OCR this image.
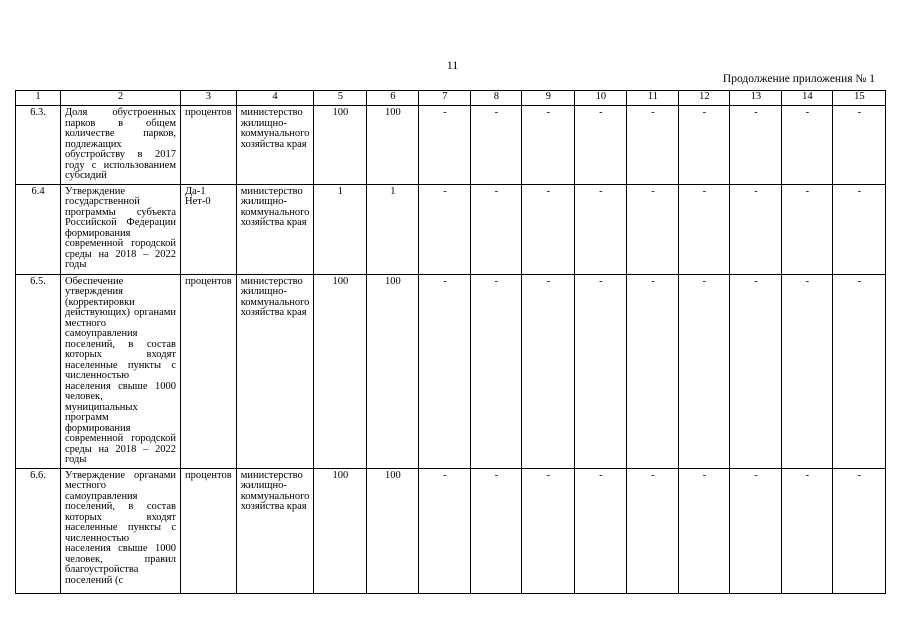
11
Продолжение приложения № 1
1	2	3	4	5	6	7	8	9	10	11	12	13	14	15
6.3.	Доля обустроенных парков в общем количестве парков, подлежащих обустройству в 2017 году с использованием субсидий	процентов	министерство жилищно-коммунального хозяйства края	100	100	-	-	-	-	-	-	-	-	-
6.4	Утверждение государственной программы субъекта Российской Федерации формирования современной городской среды на 2018 – 2022 годы	Да-1 Нет-0	министерство жилищно-коммунального хозяйства края	1	1	-	-	-	-	-	-	-	-	-
6.5.	Обеспечение утверждения (корректировки действующих) органами местного самоуправления поселений, в состав которых входят населенные пункты с численностью населения свыше 1000 человек, муниципальных программ формирования современной городской среды на 2018 – 2022 годы	процентов	министерство жилищно-коммунального хозяйства края	100	100	-	-	-	-	-	-	-	-	-
6.6.	Утверждение органами местного самоуправления поселений, в состав которых входят населенные пункты с численностью населения свыше 1000 человек, правил благоустройства поселений (с	процентов	министерство жилищно-коммунального хозяйства края	100	100	-	-	-	-	-	-	-	-	-
